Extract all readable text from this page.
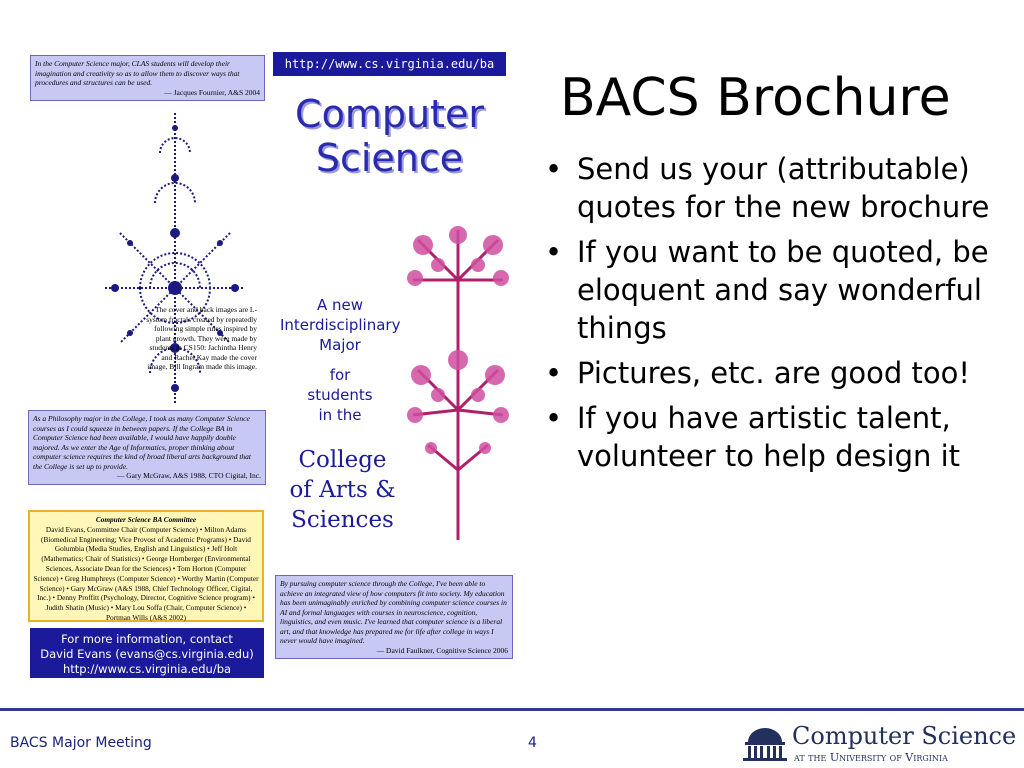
BACS Brochure
• Send us your (attributable) quotes for the new brochure
• If you want to be quoted, be eloquent and say wonderful things
• Pictures, etc. are good too!
• If you have artistic talent, volunteer to help design it
In the Computer Science major, CLAS students will develop their imagination and creativity so as to allow them to discover ways that procedures and structures can be used.
— Jacques Fournier, A&S 2004
The cover and back images are L-system fractals created by repeatedly following simple rules inspired by plant growth. They were made by students in CS150: Jachintha Henry and Rachel Kay made the cover image, Bill Ingram made this image.
As a Philosophy major in the College, I took as many Computer Science courses as I could squeeze in between papers. If the College BA in Computer Science had been available, I would have happily double majored. As we enter the Age of Informatics, proper thinking about computer science requires the kind of broad liberal arts background that the College is set up to provide.
— Gary McGraw, A&S 1988, CTO Cigital, Inc.
Computer Science BA Committee
David Evans, Committee Chair (Computer Science) • Milton Adams (Biomedical Engineering; Vice Provost of Academic Programs) • David Golumbia (Media Studies, English and Linguistics) • Jeff Holt (Mathematics; Chair of Statistics) • George Hornberger (Environmental Sciences, Associate Dean for the Sciences) • Tom Horton (Computer Science) • Greg Humphreys (Computer Science) • Worthy Martin (Computer Science) • Gary McGraw (A&S 1988, Chief Technology Officer, Cigital, Inc.) • Denny Proffitt (Psychology, Director, Cognitive Science program) • Judith Shatin (Music) • Mary Lou Soffa (Chair, Computer Science) • Portman Wills (A&S 2002)
For more information, contact
David Evans (evans@cs.virginia.edu)
http://www.cs.virginia.edu/ba
http://www.cs.virginia.edu/ba
Computer
Science
A new
Interdisciplinary
Major
for
students
in the
College
of Arts &
Sciences
By pursuing computer science through the College, I've been able to achieve an integrated view of how computers fit into society. My education has been unimaginably enriched by combining computer science courses in AI and formal languages with courses in neuroscience, cognition, linguistics, and even music. I've learned that computer science is a liberal art, and that knowledge has prepared me for life after college in ways I never would have imagined.
— David Faulkner, Cognitive Science 2006
BACS Major Meeting	4	Computer Science
at the University of Virginia
